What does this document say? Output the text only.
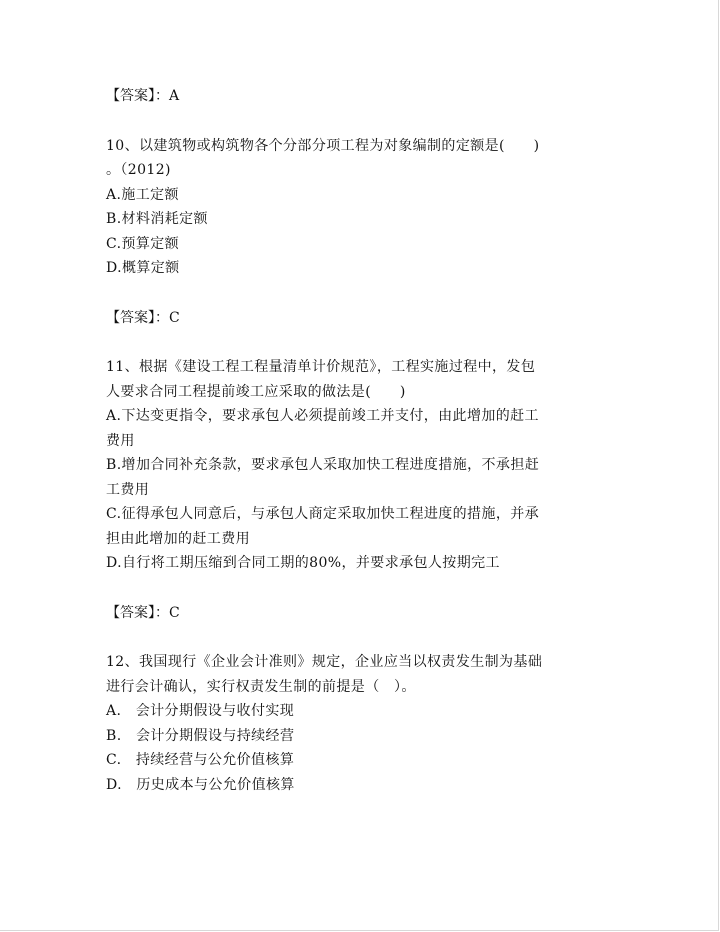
【答案】：A
10、以建筑物或构筑物各个分部分项工程为对象编制的定额是(　　)
。（2012)
A.施工定额
B.材料消耗定额
C.预算定额
D.概算定额
【答案】：C
11、根据《建设工程工程量清单计价规范》，工程实施过程中，发包
人要求合同工程提前竣工应采取的做法是(　　)
A.下达变更指令，要求承包人必须提前竣工并支付，由此增加的赶工
费用
B.增加合同补充条款，要求承包人采取加快工程进度措施，不承担赶
工费用
C.征得承包人同意后，与承包人商定采取加快工程进度的措施，并承
担由此增加的赶工费用
D.自行将工期压缩到合同工期的80%，并要求承包人按期完工
【答案】：C
12、我国现行《企业会计准则》规定，企业应当以权责发生制为基础
进行会计确认，实行权责发生制的前提是（　）。
A.　会计分期假设与收付实现
B.　会计分期假设与持续经营
C.　持续经营与公允价值核算
D.　历史成本与公允价值核算
